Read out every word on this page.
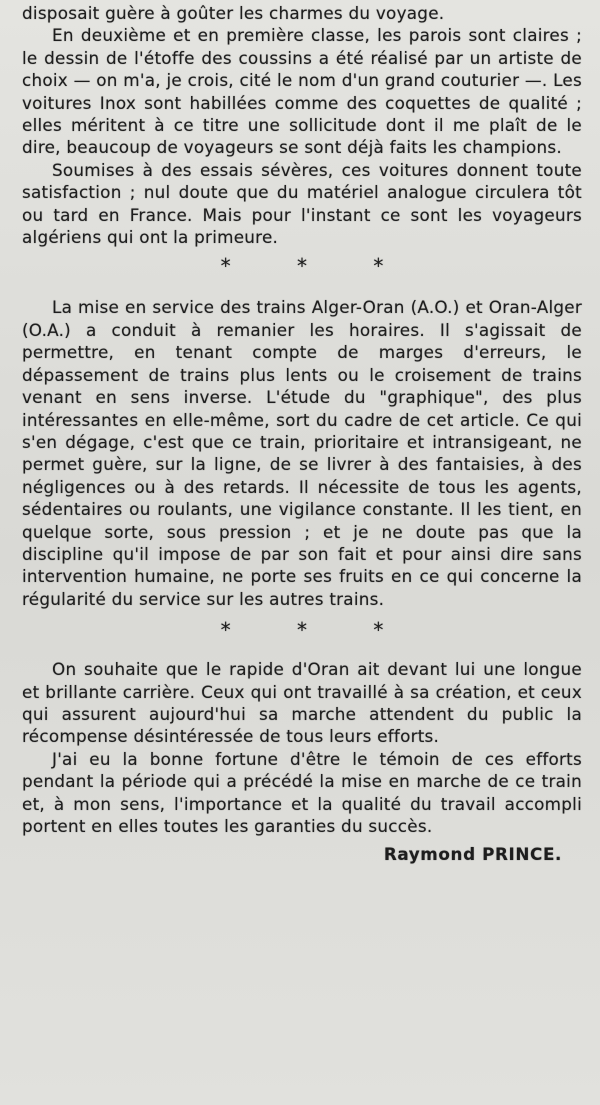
disposait guère à goûter les charmes du voyage.

En deuxième et en première classe, les parois sont claires ; le dessin de l'étoffe des coussins a été réalisé par un artiste de choix — on m'a, je crois, cité le nom d'un grand couturier —. Les voitures Inox sont habillées comme des coquettes de qualité ; elles méritent à ce titre une sollicitude dont il me plaît de le dire, beaucoup de voyageurs se sont déjà faits les champions.

Soumises à des essais sévères, ces voitures donnent toute satisfaction ; nul doute que du matériel analogue circulera tôt ou tard en France. Mais pour l'instant ce sont les voyageurs algériens qui ont la primeure.

* * *

La mise en service des trains Alger-Oran (A.O.) et Oran-Alger (O.A.) a conduit à remanier les horaires. Il s'agissait de permettre, en tenant compte de marges d'erreurs, le dépassement de trains plus lents ou le croisement de trains venant en sens inverse. L'étude du "graphique", des plus intéressantes en elle-même, sort du cadre de cet article. Ce qui s'en dégage, c'est que ce train, prioritaire et intransigeant, ne permet guère, sur la ligne, de se livrer à des fantaisies, à des négligences ou à des retards. Il nécessite de tous les agents, sédentaires ou roulants, une vigilance constante. Il les tient, en quelque sorte, sous pression ; et je ne doute pas que la discipline qu'il impose de par son fait et pour ainsi dire sans intervention humaine, ne porte ses fruits en ce qui concerne la régularité du service sur les autres trains.

* * *

On souhaite que le rapide d'Oran ait devant lui une longue et brillante carrière. Ceux qui ont travaillé à sa création, et ceux qui assurent aujourd'hui sa marche attendent du public la récompense désintéressée de tous leurs efforts.

J'ai eu la bonne fortune d'être le témoin de ces efforts pendant la période qui a précédé la mise en marche de ce train et, à mon sens, l'importance et la qualité du travail accompli portent en elles toutes les garanties du succès.

Raymond PRINCE.
